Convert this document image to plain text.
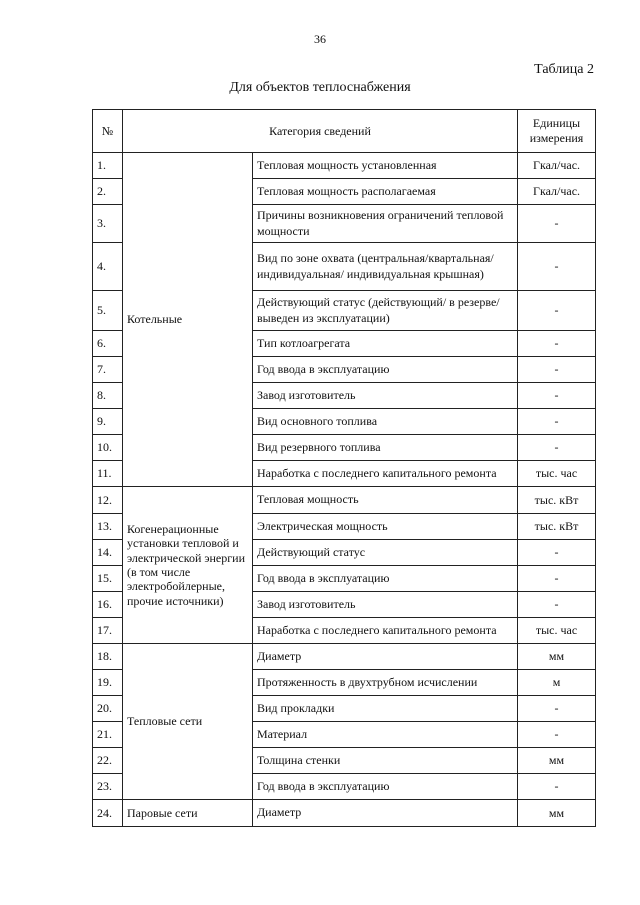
36
Таблица 2
Для объектов теплоснабжения
№	Категория сведений		Единицы измерения
1.	Котельные	Тепловая мощность установленная	Гкал/час.
2.		Тепловая мощность располагаемая	Гкал/час.
3.		Причины возникновения ограничений тепловой мощности	-
4.		Вид по зоне охвата (центральная/квартальная/индивидуальная/ индивидуальная крышная)	-
5.		Действующий статус (действующий/ в резерве/выведен из эксплуатации)	-
6.		Тип котлоагрегата	-
7.		Год ввода в эксплуатацию	-
8.		Завод изготовитель	-
9.		Вид основного топлива	-
10.		Вид резервного топлива	-
11.		Наработка с последнего капитального ремонта	тыс. час
12.	Когенерационные установки тепловой и электрической энергии (в том числе электробойлерные, прочие источники)	Тепловая мощность	тыс. кВт
13.		Электрическая мощность	тыс. кВт
14.		Действующий статус	-
15.		Год ввода в эксплуатацию	-
16.		Завод изготовитель	-
17.		Наработка с последнего капитального ремонта	тыс. час
18.	Тепловые сети	Диаметр	мм
19.		Протяженность в двухтрубном исчислении	м
20.		Вид прокладки	-
21.		Материал	-
22.		Толщина стенки	мм
23.		Год ввода в эксплуатацию	-
24.	Паровые сети	Диаметр	мм
